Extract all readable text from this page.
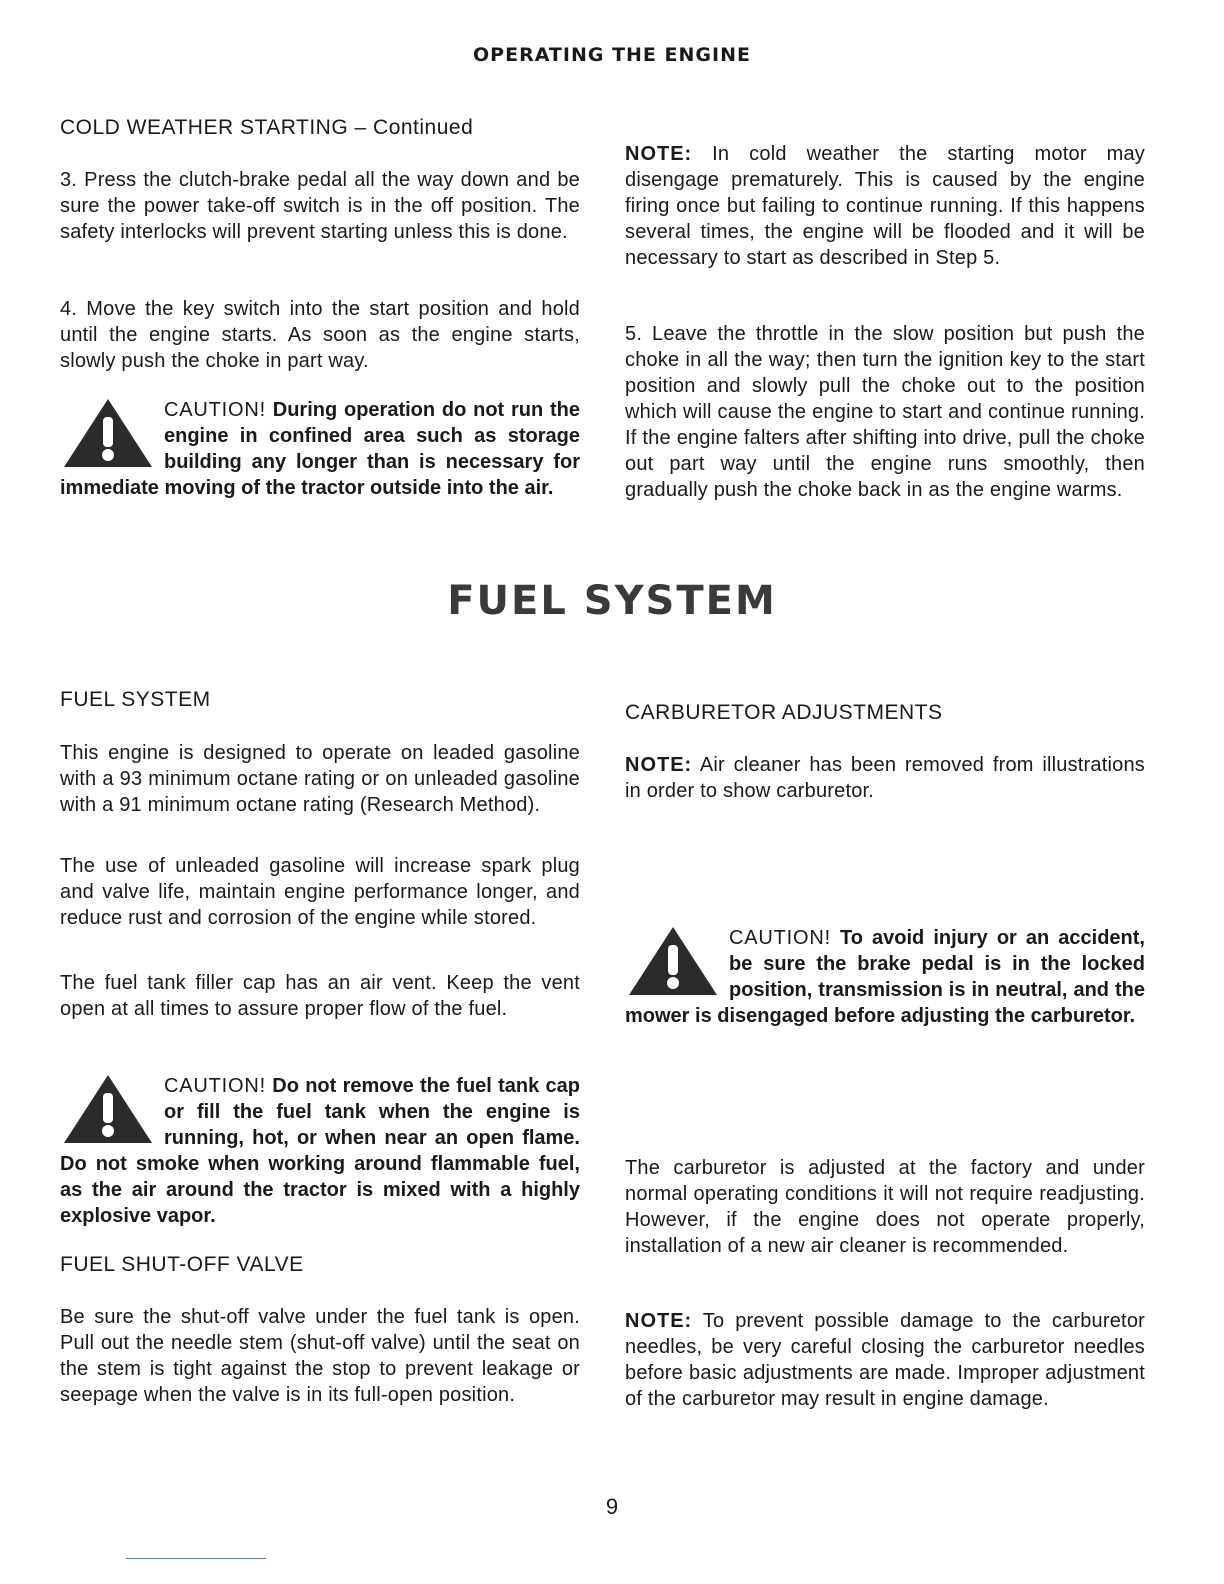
OPERATING THE ENGINE
COLD WEATHER STARTING – Continued
3. Press the clutch-brake pedal all the way down and be sure the power take-off switch is in the off position. The safety interlocks will prevent starting unless this is done.
4. Move the key switch into the start position and hold until the engine starts. As soon as the engine starts, slowly push the choke in part way.
CAUTION! During operation do not run the engine in confined area such as storage building any longer than is necessary for immediate moving of the tractor outside into the air.
NOTE: In cold weather the starting motor may disengage prematurely. This is caused by the engine firing once but failing to continue running. If this happens several times, the engine will be flooded and it will be necessary to start as described in Step 5.
5. Leave the throttle in the slow position but push the choke in all the way; then turn the ignition key to the start position and slowly pull the choke out to the position which will cause the engine to start and continue running. If the engine falters after shifting into drive, pull the choke out part way until the engine runs smoothly, then gradually push the choke back in as the engine warms.
FUEL SYSTEM
FUEL SYSTEM
This engine is designed to operate on leaded gasoline with a 93 minimum octane rating or on unleaded gasoline with a 91 minimum octane rating (Research Method).
The use of unleaded gasoline will increase spark plug and valve life, maintain engine performance longer, and reduce rust and corrosion of the engine while stored.
The fuel tank filler cap has an air vent. Keep the vent open at all times to assure proper flow of the fuel.
CAUTION! Do not remove the fuel tank cap or fill the fuel tank when the engine is running, hot, or when near an open flame. Do not smoke when working around flammable fuel, as the air around the tractor is mixed with a highly explosive vapor.
FUEL SHUT-OFF VALVE
Be sure the shut-off valve under the fuel tank is open. Pull out the needle stem (shut-off valve) until the seat on the stem is tight against the stop to prevent leakage or seepage when the valve is in its full-open position.
CARBURETOR ADJUSTMENTS
NOTE: Air cleaner has been removed from illustrations in order to show carburetor.
CAUTION! To avoid injury or an accident, be sure the brake pedal is in the locked position, transmission is in neutral, and the mower is disengaged before adjusting the carburetor.
The carburetor is adjusted at the factory and under normal operating conditions it will not require readjusting. However, if the engine does not operate properly, installation of a new air cleaner is recommended.
NOTE: To prevent possible damage to the carburetor needles, be very careful closing the carburetor needles before basic adjustments are made. Improper adjustment of the carburetor may result in engine damage.
9
